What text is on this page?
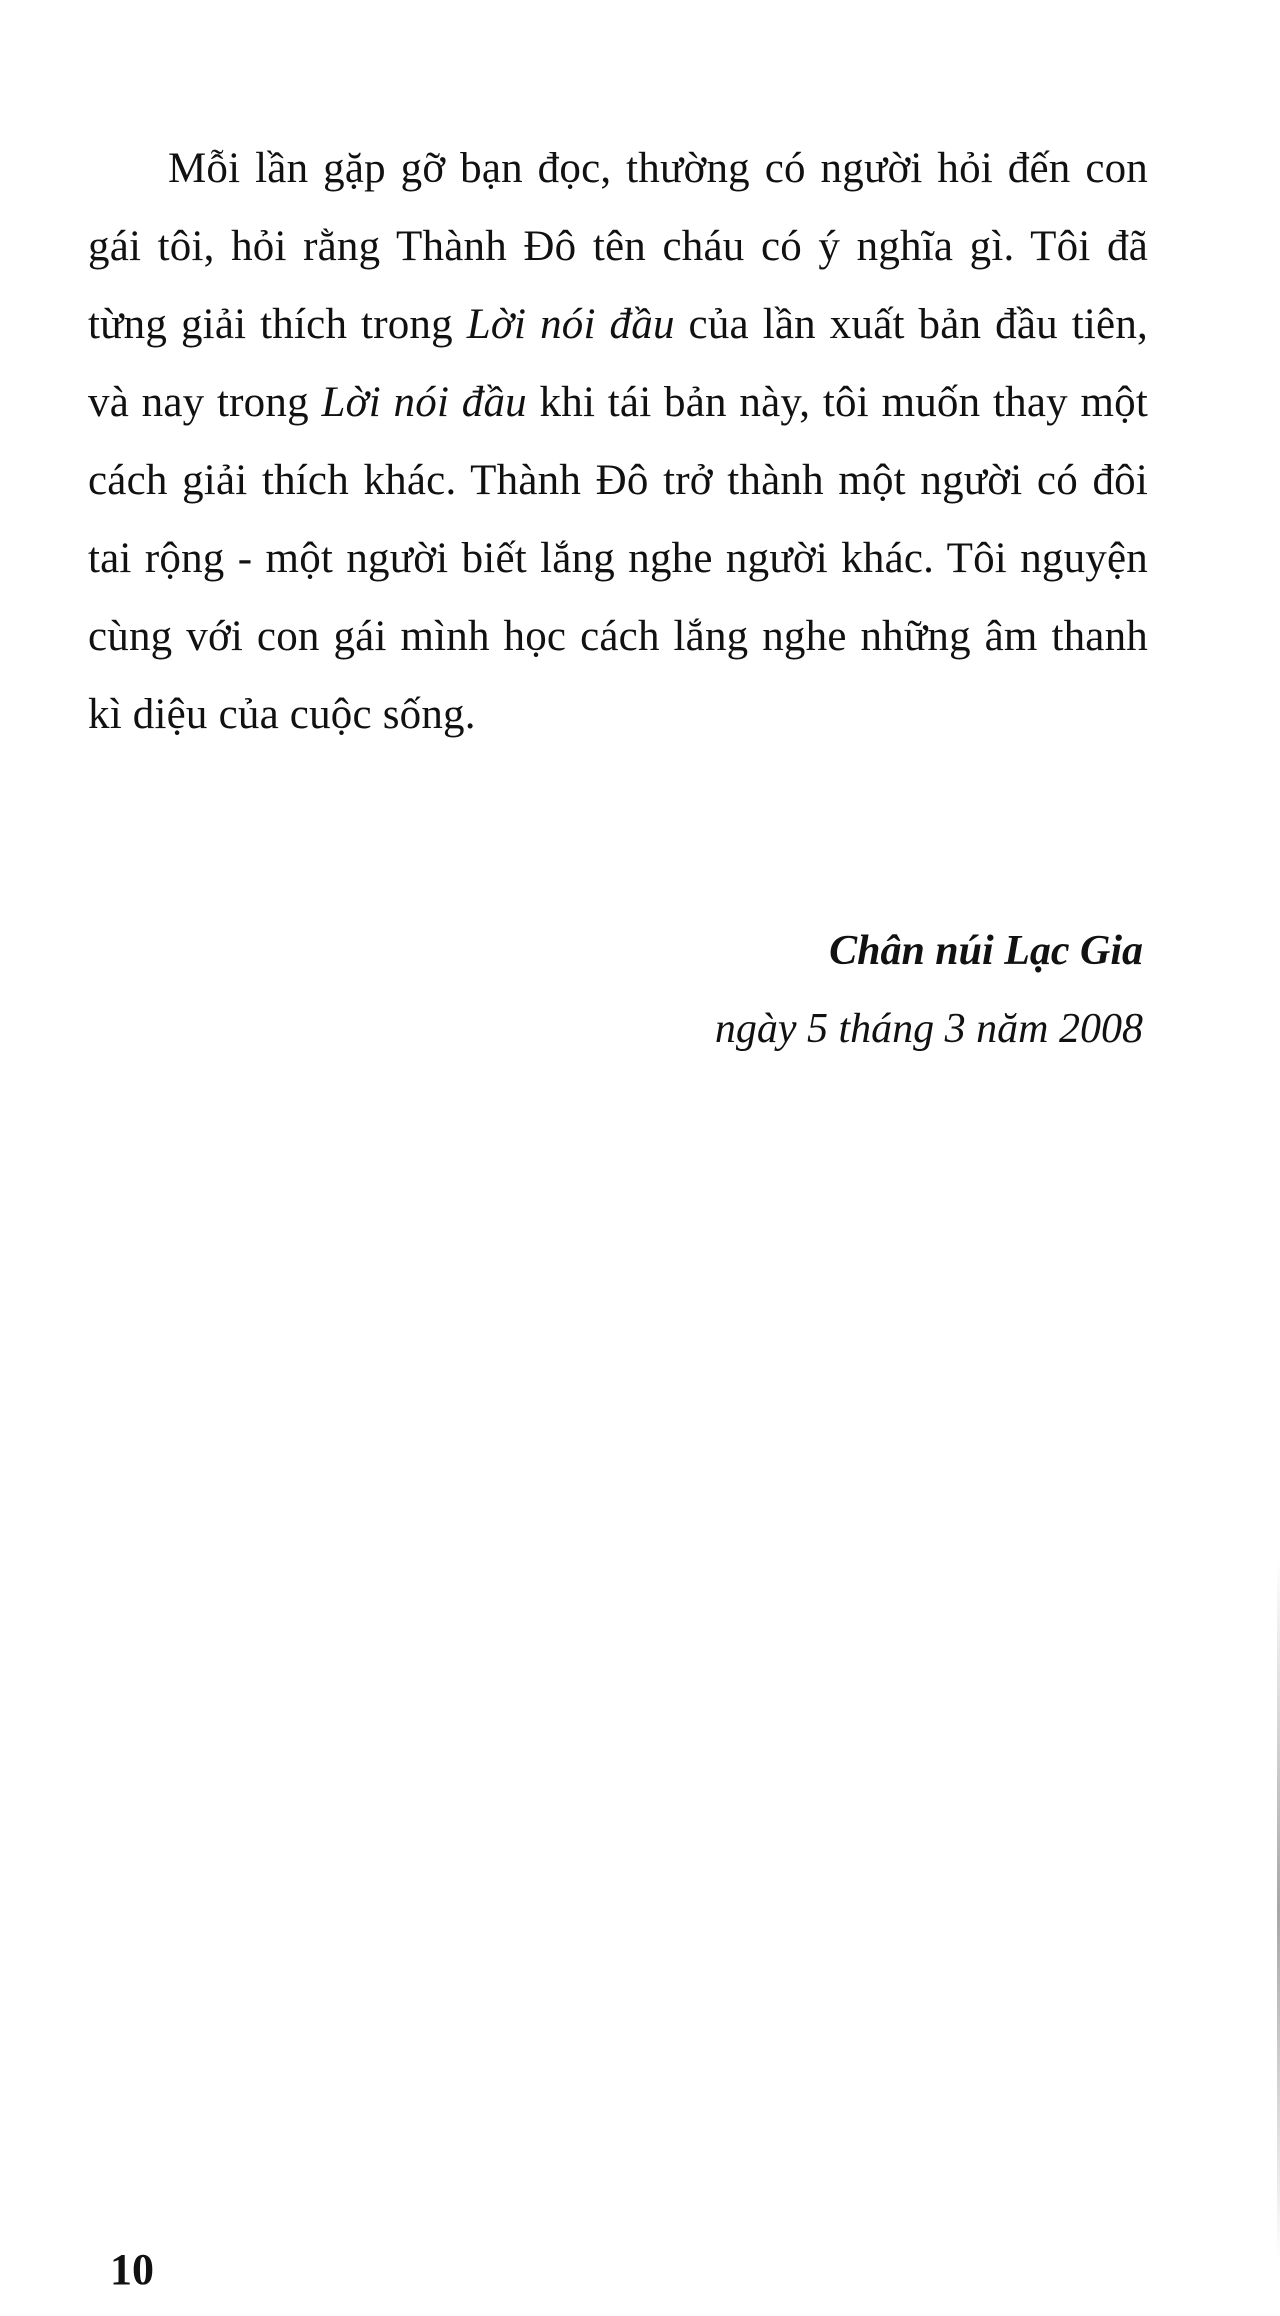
Mỗi lần gặp gỡ bạn đọc, thường có người hỏi đến con gái tôi, hỏi rằng Thành Đô tên cháu có ý nghĩa gì. Tôi đã từng giải thích trong Lời nói đầu của lần xuất bản đầu tiên, và nay trong Lời nói đầu khi tái bản này, tôi muốn thay một cách giải thích khác. Thành Đô trở thành một người có đôi tai rộng - một người biết lắng nghe người khác. Tôi nguyện cùng với con gái mình học cách lắng nghe những âm thanh kì diệu của cuộc sống.

Chân núi Lạc Gia
ngày 5 tháng 3 năm 2008
10
